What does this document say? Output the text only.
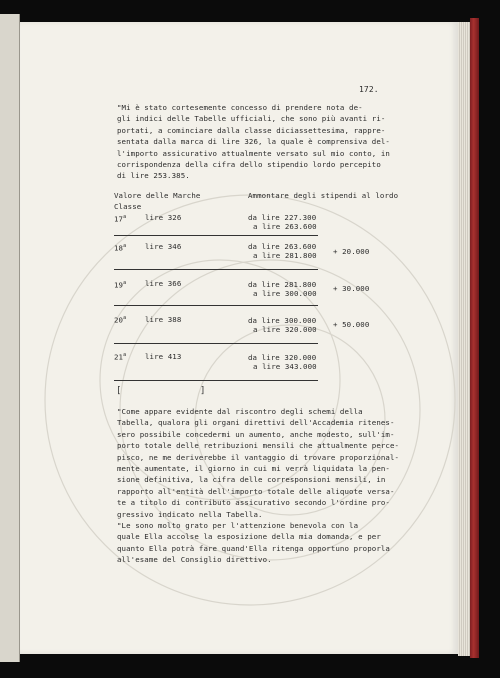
172.
"Mi è stato cortesemente concesso di prendere nota de-
gli indici delle Tabelle ufficiali, che sono più avanti ri-
portati, a cominciare dalla classe diciassettesima, rappre-
sentata dalla marca di lire 326, la quale è comprensiva del-
l'importo assicurativo attualmente versato sul mio conto, in
corrispondenza della cifra dello stipendio lordo percepito
di lire 253.385.
Valore delle Marche	Ammontare degli stipendi al lordo
Classe
17$^a$	lire 326	da lire 227.300
a lire 263.600
18$^a$	lire 346	da lire 263.600
a lire 281.800 + 20.000
19$^a$	lire 366	da lire 281.800
a lire 300.000
+ 30.000
20$^a$	lire 388	da lire 300.000
a lire 320.000
+ 50.000
21$^a$	lire 413	da lire 320.000
a lire 343.000
[	]
"Come appare evidente dal riscontro degli schemi della
Tabella, qualora gli organi direttivi dell'Accademia ritenes-
sero possibile concedermi un aumento, anche modesto, sull'im-
porto totale delle retribuzioni mensili che attualmente perce-
pisco, ne me deriverebbe il vantaggio di trovare proporzional-
mente aumentate, il giorno in cui mi verrà liquidata la pen-
sione definitiva, la cifra delle corresponsioni mensili, in
rapporto all'entità dell'importo totale delle aliquote versa-
te a titolo di contributo assicurativo secondo l'ordine pro-
gressivo indicato nella Tabella.
"Le sono molto grato per l'attenzione benevola con la
quale Ella accolse la esposizione della mia domanda, e per
quanto Ella potrà fare quand'Ella ritenga opportuno proporla
all'esame del Consiglio direttivo.
